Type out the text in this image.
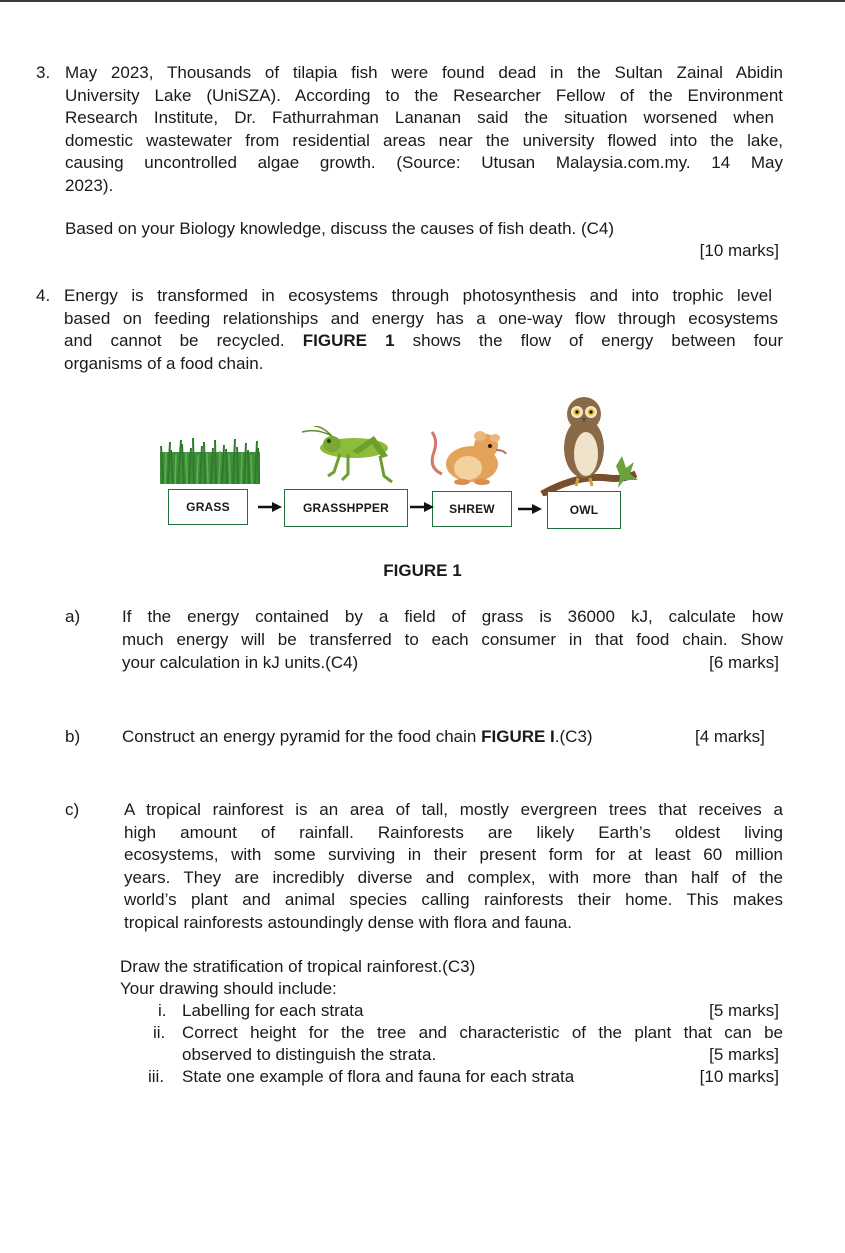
3. May 2023, Thousands of tilapia fish were found dead in the Sultan Zainal Abidin

University Lake (UniSZA). According to the Researcher Fellow of the Environment

Research Institute, Dr. Fathurrahman Lananan said the situation worsened when

domestic wastewater from residential areas near the university flowed into the lake,

causing uncontrolled algae growth. (Source: Utusan Malaysia.com.my. 14 May

2023).

Based on your Biology knowledge, discuss the causes of fish death. (C4)

[10 marks]

4. Energy is transformed in ecosystems through photosynthesis and into trophic level

based on feeding relationships and energy has a one-way flow through ecosystems

and cannot be recycled. FIGURE 1 shows the flow of energy between four

organisms of a food chain.

GRASS	GRASSHPPER	SHREW	OWL
FIGURE 1
a) If the energy contained by a field of grass is 36000 kJ, calculate how

much energy will be transferred to each consumer in that food chain. Show

your calculation in kJ units.(C4)	[6 marks]

b) Construct an energy pyramid for the food chain FIGURE I.(C3)	[4 marks]

c)	A tropical rainforest is an area of tall, mostly evergreen trees that receives a

high amount of rainfall. Rainforests are likely Earth’s oldest living

ecosystems, with some surviving in their present form for at least 60 million

years. They are incredibly diverse and complex, with more than half of the

world’s plant and animal species calling rainforests their home. This makes

tropical rainforests astoundingly dense with flora and fauna.

Draw the stratification of tropical rainforest.(C3)

Your drawing should include:

i. Labelling for each strata	[5 marks]
ii. Correct height for the tree and characteristic of the plant that can be

observed to distinguish the strata.	[5 marks]
iii. State one example of flora and fauna for each strata	[10 marks]
